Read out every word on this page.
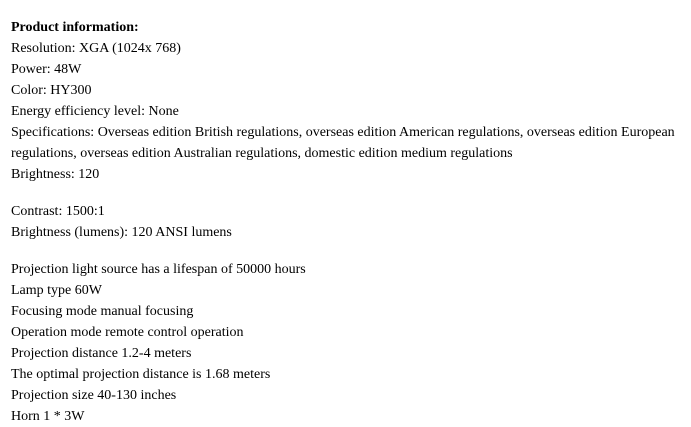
Product information:
Resolution: XGA (1024x 768)
Power: 48W
Color: HY300
Energy efficiency level: None
Specifications: Overseas edition British regulations, overseas edition American regulations, overseas edition European
regulations, overseas edition Australian regulations, domestic edition medium regulations
Brightness: 120
Contrast: 1500:1
Brightness (lumens): 120 ANSI lumens
Projection light source has a lifespan of 50000 hours
Lamp type 60W
Focusing mode manual focusing
Operation mode remote control operation
Projection distance 1.2-4 meters
The optimal projection distance is 1.68 meters
Projection size 40-130 inches
Horn 1 * 3W
